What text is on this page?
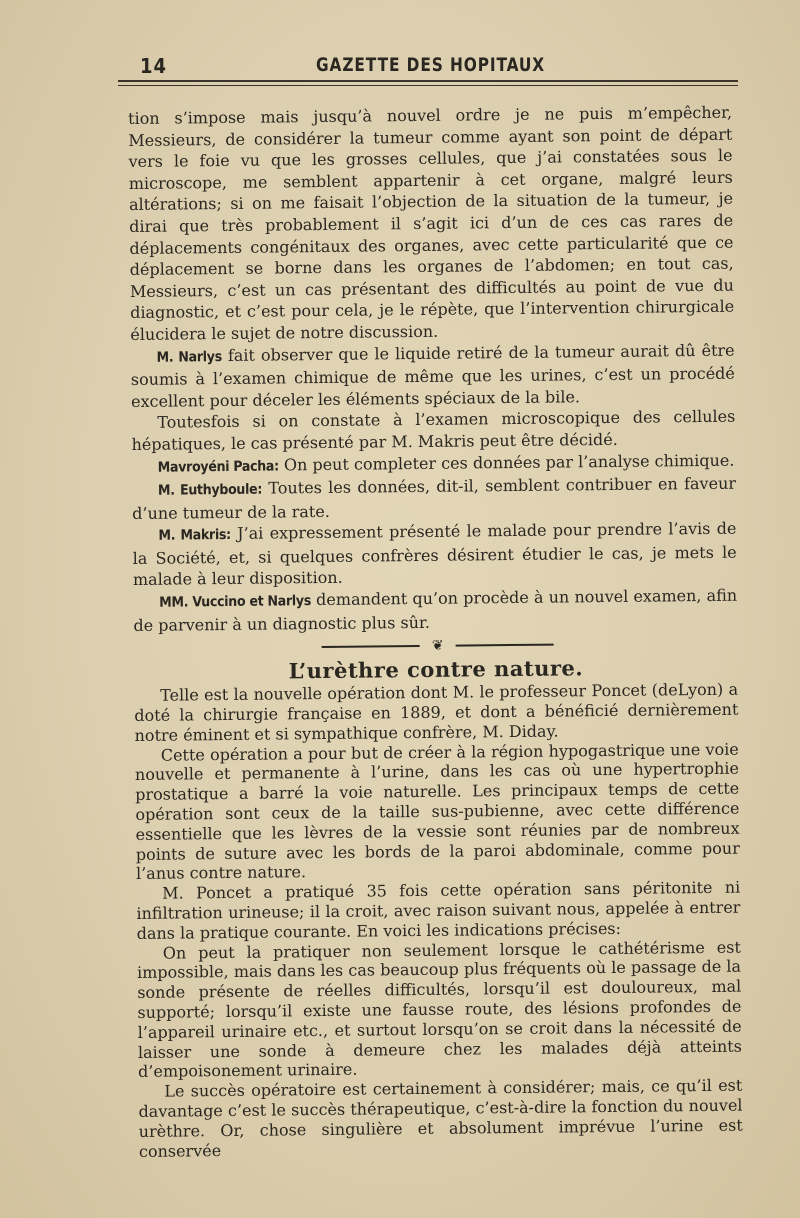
14	GAZETTE DES HOPITAUX

tion s’impose mais jusqu’à nouvel ordre je ne puis m’empêcher, Messieurs, de considérer la tumeur comme ayant son point de départ vers le foie vu que les grosses cellules, que j’ai constatées sous le microscope, me semblent appartenir à cet organe, malgré leurs altérations; si on me faisait l’objection de la situation de la tumeur, je dirai que très probablement il s’agit ici d’un de ces cas rares de déplacements congénitaux des organes, avec cette particularité que ce déplacement se borne dans les organes de l’abdomen; en tout cas, Messieurs, c’est un cas présentant des difficultés au point de vue du diagnostic, et c’est pour cela, je le répète, que l’intervention chirurgicale élucidera le sujet de notre discussion.

M. Narlys fait observer que le liquide retiré de la tumeur aurait dû être soumis à l’examen chimique de même que les urines, c’est un procédé excellent pour déceler les éléments spéciaux de la bile.

Toutesfois si on constate à l’examen microscopique des cellules hépatiques, le cas présenté par M. Makris peut être décidé.

Mavroyéni Pacha: On peut completer ces données par l’analyse chimique.

M. Euthyboule: Toutes les données, dit-il, semblent contribuer en faveur d’une tumeur de la rate.

M. Makris: J’ai expressement présenté le malade pour prendre l’avis de la Société, et, si quelques confrères désirent étudier le cas, je mets le malade à leur disposition.

MM. Vuccino et Narlys demandent qu’on procède à un nouvel examen, afin de parvenir à un diagnostic plus sûr.

❦
L’urèthre contre nature.

Telle est la nouvelle opération dont M. le professeur Poncet (deLyon) a doté la chirurgie française en 1889, et dont a bénéficié dernièrement notre éminent et si sympathique confrère, M. Diday.

Cette opération a pour but de créer à la région hypogastrique une voie nouvelle et permanente à l’urine, dans les cas où une hypertrophie prostatique a barré la voie naturelle. Les principaux temps de cette opération sont ceux de la taille sus-pubienne, avec cette différence essentielle que les lèvres de la vessie sont réunies par de nombreux points de suture avec les bords de la paroi abdominale, comme pour l’anus contre nature.

M. Poncet a pratiqué 35 fois cette opération sans péritonite ni infiltration urineuse; il la croit, avec raison suivant nous, appelée à entrer dans la pratique courante. En voici les indications précises:

On peut la pratiquer non seulement lorsque le cathétérisme est impossible, mais dans les cas beaucoup plus fréquents où le passage de la sonde présente de réelles difficultés, lorsqu’il est douloureux, mal supporté; lorsqu’il existe une fausse route, des lésions profondes de l’appareil urinaire etc., et surtout lorsqu’on se croit dans la nécessité de laisser une sonde à demeure chez les malades déjà atteints d’empoisonement urinaire.

Le succès opératoire est certainement à considérer; mais, ce qu’il est davantage c’est le succès thérapeutique, c’est-à-dire la fonction du nouvel urèthre. Or, chose singulière et absolument imprévue l’urine est conservée
